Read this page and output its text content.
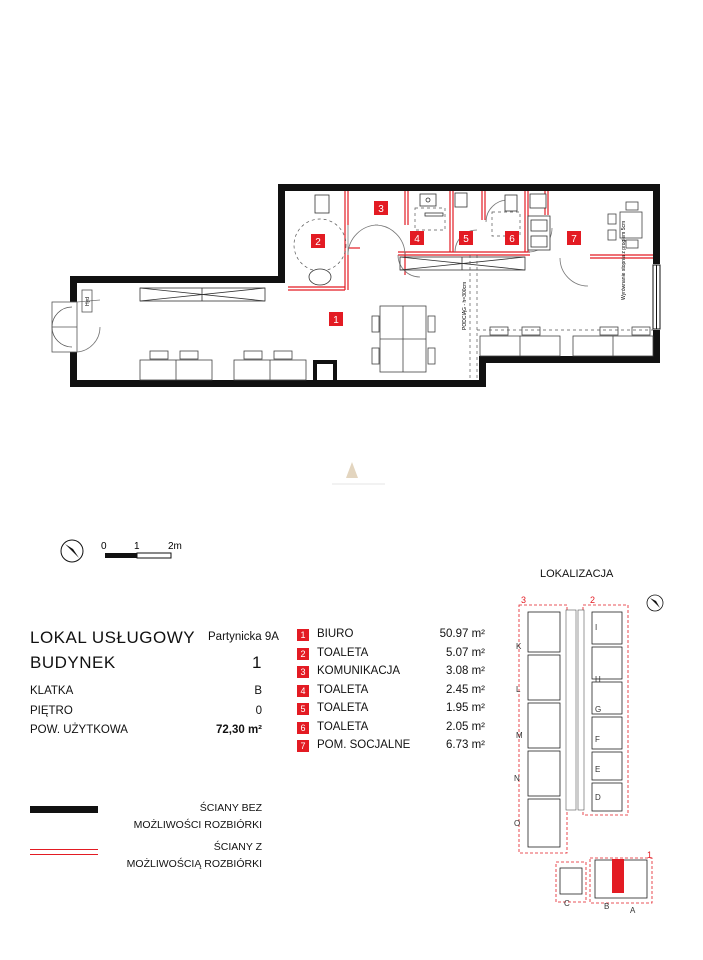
Hyd	PODCIĄG - h=300cm
Wyrównanie stopnia z progiem 5cm
1
2
3
4	5	6	7
0	1	2m
LOKAL USŁUGOWY Partynicka 9A
BUDYNEK	1
KLATKA	B
PIĘTRO	0
POW. UŻYTKOWA	72,30 m²
1	BIURO	50.97 m²
2	TOALETA	5.07 m²
3	KOMUNIKACJA	3.08 m²
4	TOALETA	2.45 m²
5	TOALETA	1.95 m²
6	TOALETA	2.05 m²
7	POM. SOCJALNE	6.73 m²
ŚCIANY BEZ
MOŻLIWOŚCI ROZBIÓRKI
ŚCIANY Z
MOŻLIWOŚCIĄ ROZBIÓRKI
LOKALIZACJA
3	2
1
K
L
M
N
O
I
H
G
F
E
D
C	B	A
